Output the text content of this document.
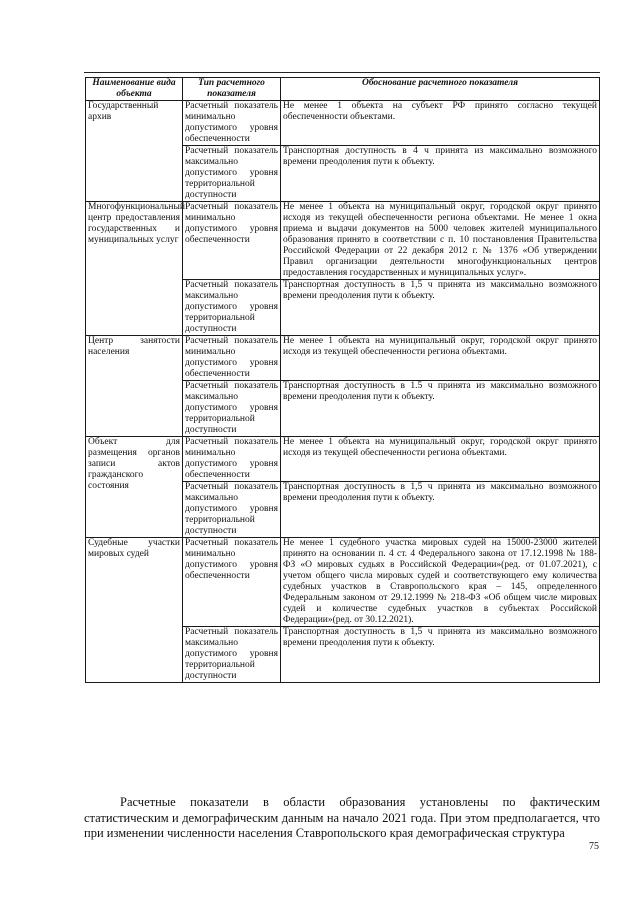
Наименование вида объекта	Тип расчетного показателя	Обоснование расчетного показателя
Государственный архив	Расчетный показатель минимально допустимого уровня обеспеченности	Не менее 1 объекта на субъект РФ принято согласно текущей обеспеченности объектами.
	Расчетный показатель максимально допустимого уровня территориальной доступности	Транспортная доступность в 4 ч принята из максимально возможного времени преодоления пути к объекту.
Многофункциональный центр предоставления государственных и муниципальных услуг	Расчетный показатель минимально допустимого уровня обеспеченности	Не менее 1 объекта на муниципальный округ, городской округ принято исходя из текущей обеспеченности региона объектами. Не менее 1 окна приема и выдачи документов на 5000 человек жителей муниципального образования принято в соответствии с п. 10 постановления Правительства Российской Федерации от 22 декабря 2012 г. № 1376 «Об утверждении Правил организации деятельности многофункциональных центров предоставления государственных и муниципальных услуг».
	Расчетный показатель максимально допустимого уровня территориальной доступности	Транспортная доступность в 1,5 ч принята из максимально возможного времени преодоления пути к объекту.
Центр занятости населения	Расчетный показатель минимально допустимого уровня обеспеченности	Не менее 1 объекта на муниципальный округ, городской округ принято исходя из текущей обеспеченности региона объектами.
	Расчетный показатель максимально допустимого уровня территориальной доступности	Транспортная доступность в 1.5 ч принята из максимально возможного времени преодоления пути к объекту.
Объект для размещения органов записи актов гражданского состояния	Расчетный показатель минимально допустимого уровня обеспеченности	Не менее 1 объекта на муниципальный округ, городской округ принято исходя из текущей обеспеченности региона объектами.
	Расчетный показатель максимально допустимого уровня территориальной доступности	Транспортная доступность в 1,5 ч принята из максимально возможного времени преодоления пути к объекту.
Судебные участки мировых судей	Расчетный показатель минимально допустимого уровня обеспеченности	Не менее 1 судебного участка мировых судей на 15000-23000 жителей принято на основании п. 4 ст. 4 Федерального закона от 17.12.1998 № 188-ФЗ «О мировых судьях в Российской Федерации»(ред. от 01.07.2021), с учетом общего числа мировых судей и соответствующего ему количества судебных участков в Ставропольского края – 145, определенного Федеральным законом от 29.12.1999 № 218-ФЗ «Об общем числе мировых судей и количестве судебных участков в субъектах Российской Федерации»(ред. от 30.12.2021).
	Расчетный показатель максимально допустимого уровня территориальной доступности	Транспортная доступность в 1,5 ч принята из максимально возможного времени преодоления пути к объекту.

Расчетные показатели в области образования установлены по фактическим статистическим и демографическим данным на начало 2021 года. При этом предполагается, что при изменении численности населения Ставропольского края демографическая структура

75
